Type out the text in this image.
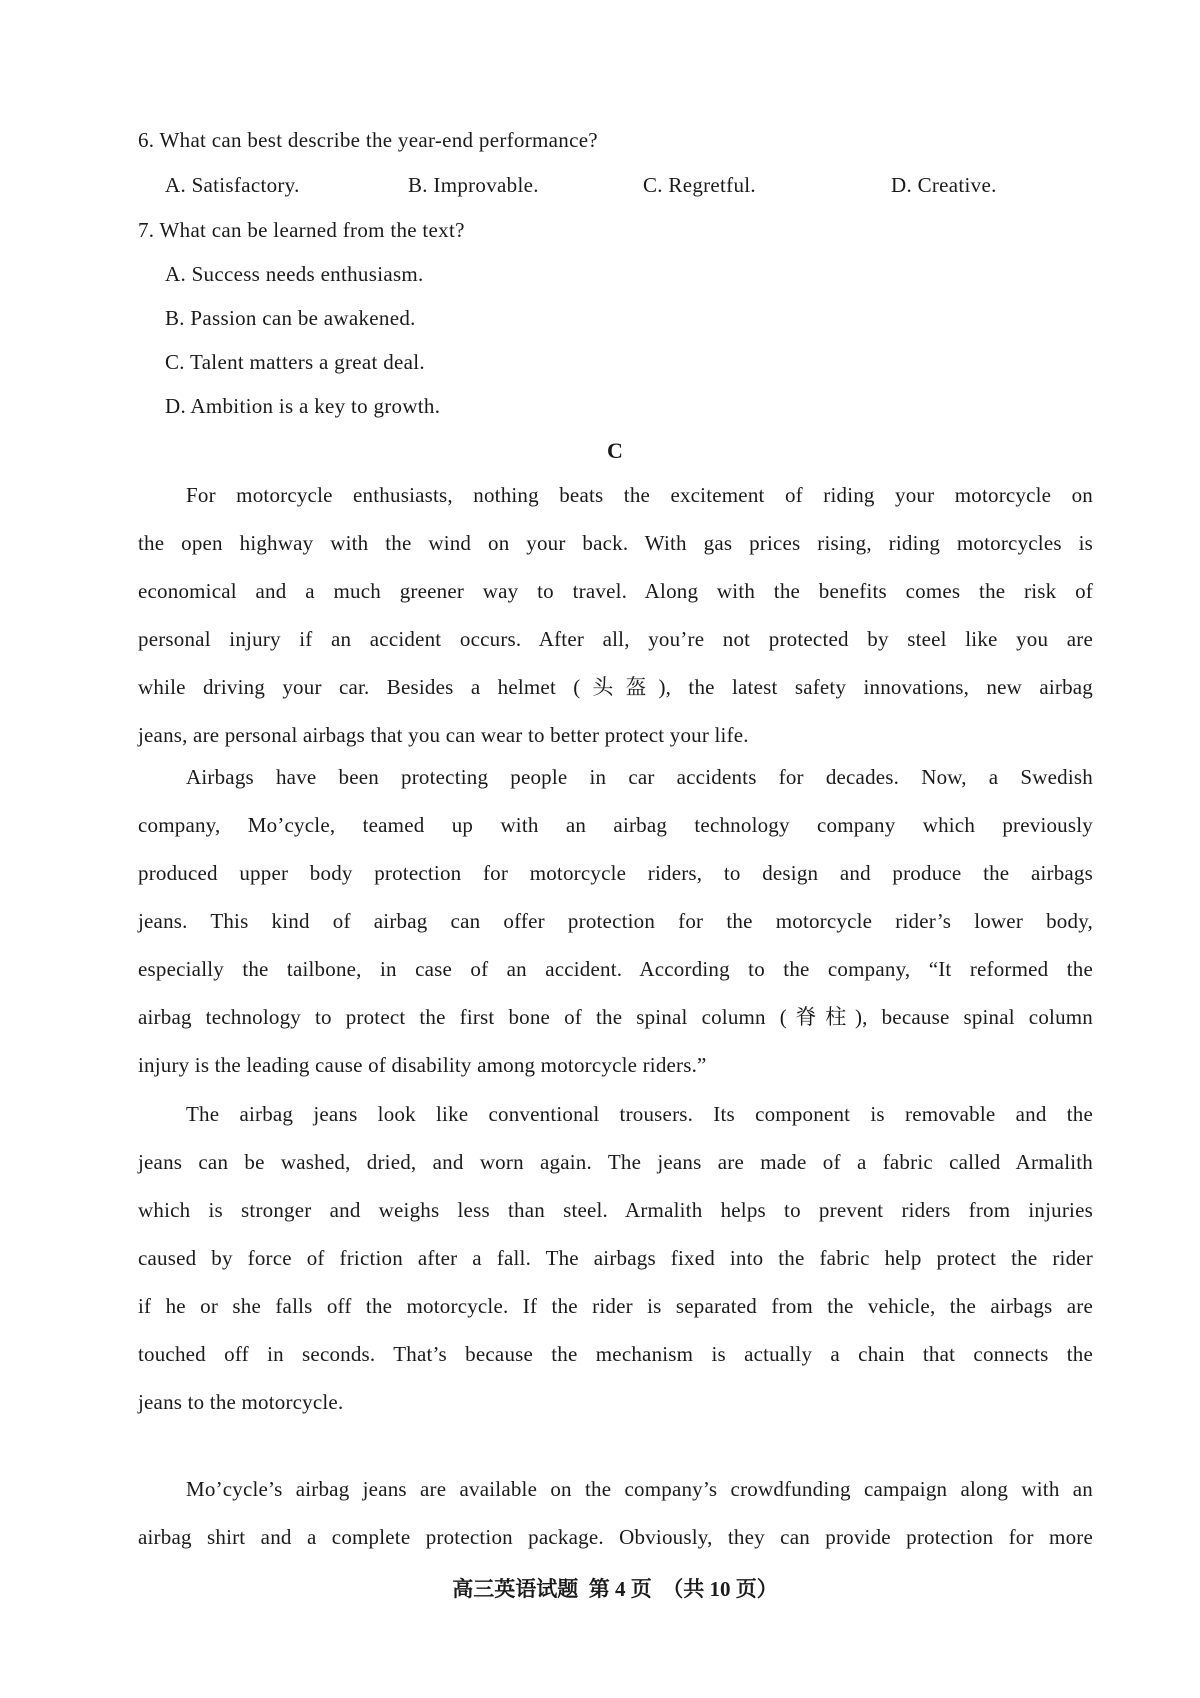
6. What can best describe the year-end performance?
A. Satisfactory.	B. Improvable.	C. Regretful.	D. Creative.
7. What can be learned from the text?
A. Success needs enthusiasm.
B. Passion can be awakened.
C. Talent matters a great deal.
D. Ambition is a key to growth.
C
For motorcycle enthusiasts, nothing beats the excitement of riding your motorcycle on
the open highway with the wind on your back. With gas prices rising, riding motorcycles is
economical and a much greener way to travel. Along with the benefits comes the risk of
personal injury if an accident occurs. After all, you’re not protected by steel like you are
while driving your car. Besides a helmet (头盔), the latest safety innovations, new airbag
jeans, are personal airbags that you can wear to better protect your life.
Airbags have been protecting people in car accidents for decades. Now, a Swedish
company, Mo’cycle, teamed up with an airbag technology company which previously
produced upper body protection for motorcycle riders, to design and produce the airbags
jeans. This kind of airbag can offer protection for the motorcycle rider’s lower body,
especially the tailbone, in case of an accident. According to the company, “It reformed the
airbag technology to protect the first bone of the spinal column (脊柱), because spinal column
injury is the leading cause of disability among motorcycle riders.”
The airbag jeans look like conventional trousers. Its component is removable and the
jeans can be washed, dried, and worn again. The jeans are made of a fabric called Armalith
which is stronger and weighs less than steel. Armalith helps to prevent riders from injuries
caused by force of friction after a fall. The airbags fixed into the fabric help protect the rider
if he or she falls off the motorcycle. If the rider is separated from the vehicle, the airbags are
touched off in seconds. That’s because the mechanism is actually a chain that connects the
jeans to the motorcycle.
Mo’cycle’s airbag jeans are available on the company’s crowdfunding campaign along with an
airbag shirt and a complete protection package. Obviously, they can provide protection for more
高三英语试题  第 4 页  （共 10 页）
